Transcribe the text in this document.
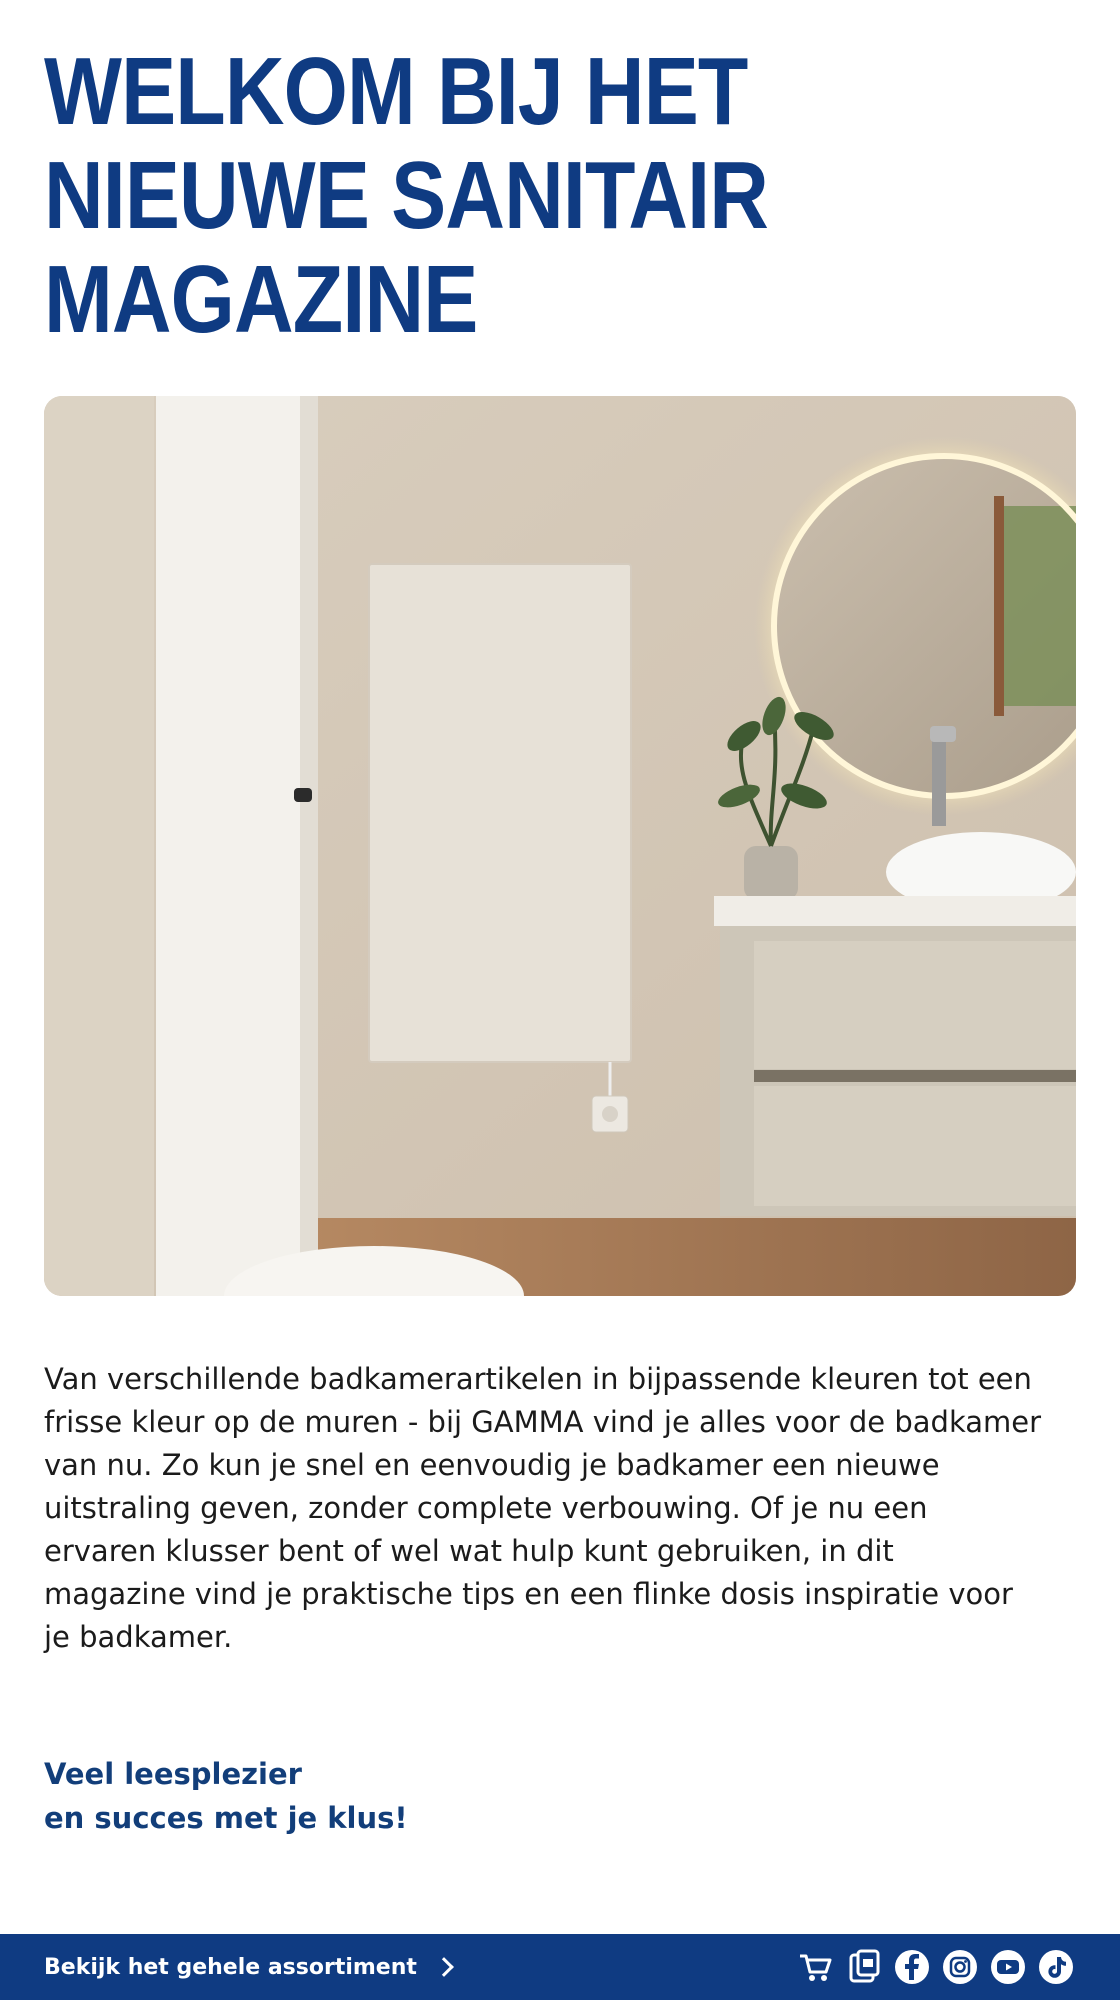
WELKOM BIJ HET
NIEUWE SANITAIR
MAGAZINE

Van verschillende badkamerartikelen in bijpassende kleuren tot een frisse kleur op de muren - bij GAMMA vind je alles voor de badkamer van nu. Zo kun je snel en eenvoudig je badkamer een nieuwe uitstraling geven, zonder complete verbouwing. Of je nu een ervaren klusser bent of wel wat hulp kunt gebruiken, in dit magazine vind je praktische tips en een flinke dosis inspiratie voor je badkamer.

Veel leesplezier
en succes met je klus!
Bekijk het gehele assortiment
